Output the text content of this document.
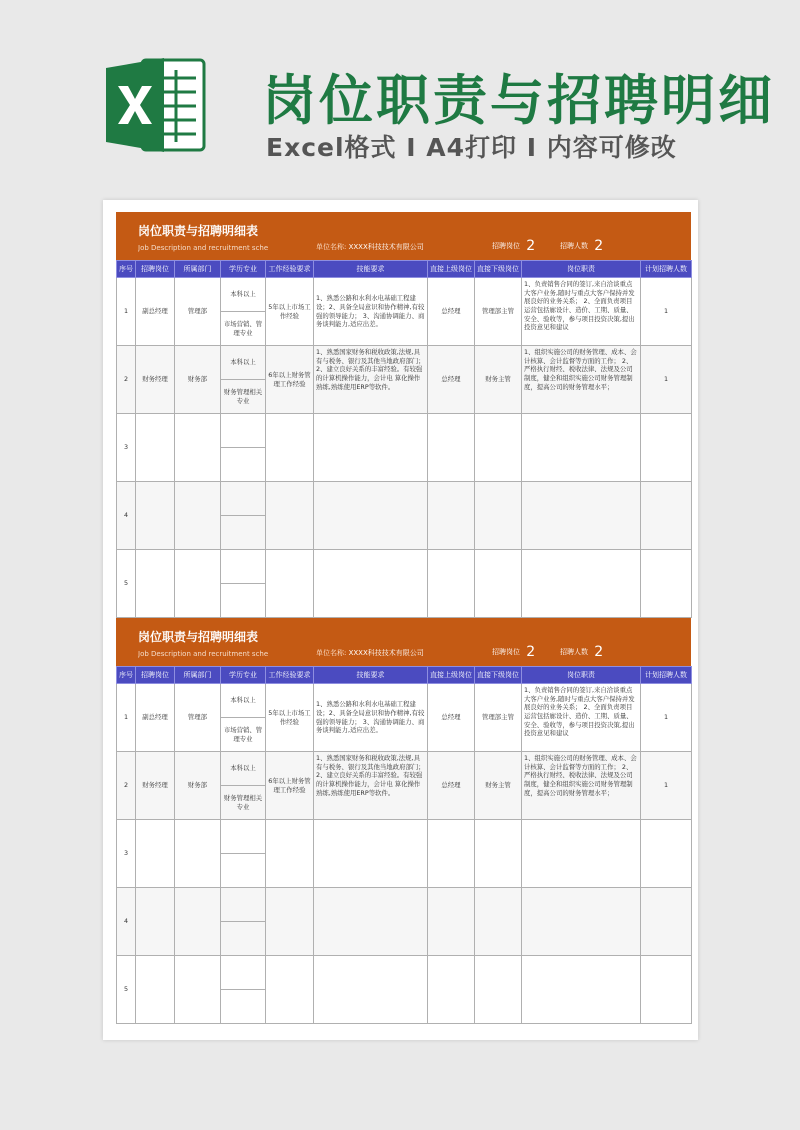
岗位职责与招聘明细
Excel格式 I A4打印 I 内容可修改
岗位职责与招聘明细表
Job Description and recruitment sche	单位名称: XXXX科技技术有限公司	招聘岗位 2	招聘人数 2
序号	招聘岗位	所属部门	学历专业	工作经验要求	技能要求	直接上级岗位	直接下级岗位	岗位职责	计划招聘人数
1	副总经理	管理部	本科以上	5年以上市场工作经验	1、熟悉公路和水利水电基础工程建设；2、具备全局意识和协作精神,有较强的领导能力； 3、沟通协调能力、商务谈判能力,适应出差。	总经理	管理部主管	1、负责销售合同的签订,来自洽谈重点大客户业务,随时与重点大客户保持并发展良好的业务关系； 2、全面负责项目运营包括廊设计、造价、工期、质量、安全、验收等，参与项目投资决策,提出投资意见和建议	1
			市场营销、管理专业						
2	财务经理	财务部	本科以上	6年以上财务管理工作经验	1、熟悉国家财务和税收政策,法规,具有与税务、银行及其他当地政府部门； 2、建立良好关系的丰富经验。有较强的计算机操作能力，会计电 算化操作熟练,熟练使用ERP等软件。	总经理	财务主管	1、组织实施公司的财务管理、成本、会计核算、会计监督等方面的工作； 2、严格执行财经、税收法律、法规及公司制度，健全和组织实施公司财务管理制度，提高公司的财务管理水平；	1
			财务管理相关专业						
3									

4									

5									

岗位职责与招聘明细表
Job Description and recruitment sche	单位名称: XXXX科技技术有限公司	招聘岗位 2	招聘人数 2
序号	招聘岗位	所属部门	学历专业	工作经验要求	技能要求	直接上级岗位	直接下级岗位	岗位职责	计划招聘人数
1	副总经理	管理部	本科以上	5年以上市场工作经验	1、熟悉公路和水利水电基础工程建设；2、具备全局意识和协作精神,有较强的领导能力； 3、沟通协调能力、商务谈判能力,适应出差。	总经理	管理部主管	1、负责销售合同的签订,来自洽谈重点大客户业务,随时与重点大客户保持并发展良好的业务关系； 2、全面负责项目运营包括廊设计、造价、工期、质量、安全、验收等，参与项目投资决策,提出投资意见和建议	1
			市场营销、管理专业						
2	财务经理	财务部	本科以上	6年以上财务管理工作经验	1、熟悉国家财务和税收政策,法规,具有与税务、银行及其他当地政府部门； 2、建立良好关系的丰富经验。有较强的计算机操作能力，会计电 算化操作熟练,熟练使用ERP等软件。	总经理	财务主管	1、组织实施公司的财务管理、成本、会计核算、会计监督等方面的工作； 2、严格执行财经、税收法律、法规及公司制度，健全和组织实施公司财务管理制度，提高公司的财务管理水平；	1
			财务管理相关专业						
3									

4									

5									
